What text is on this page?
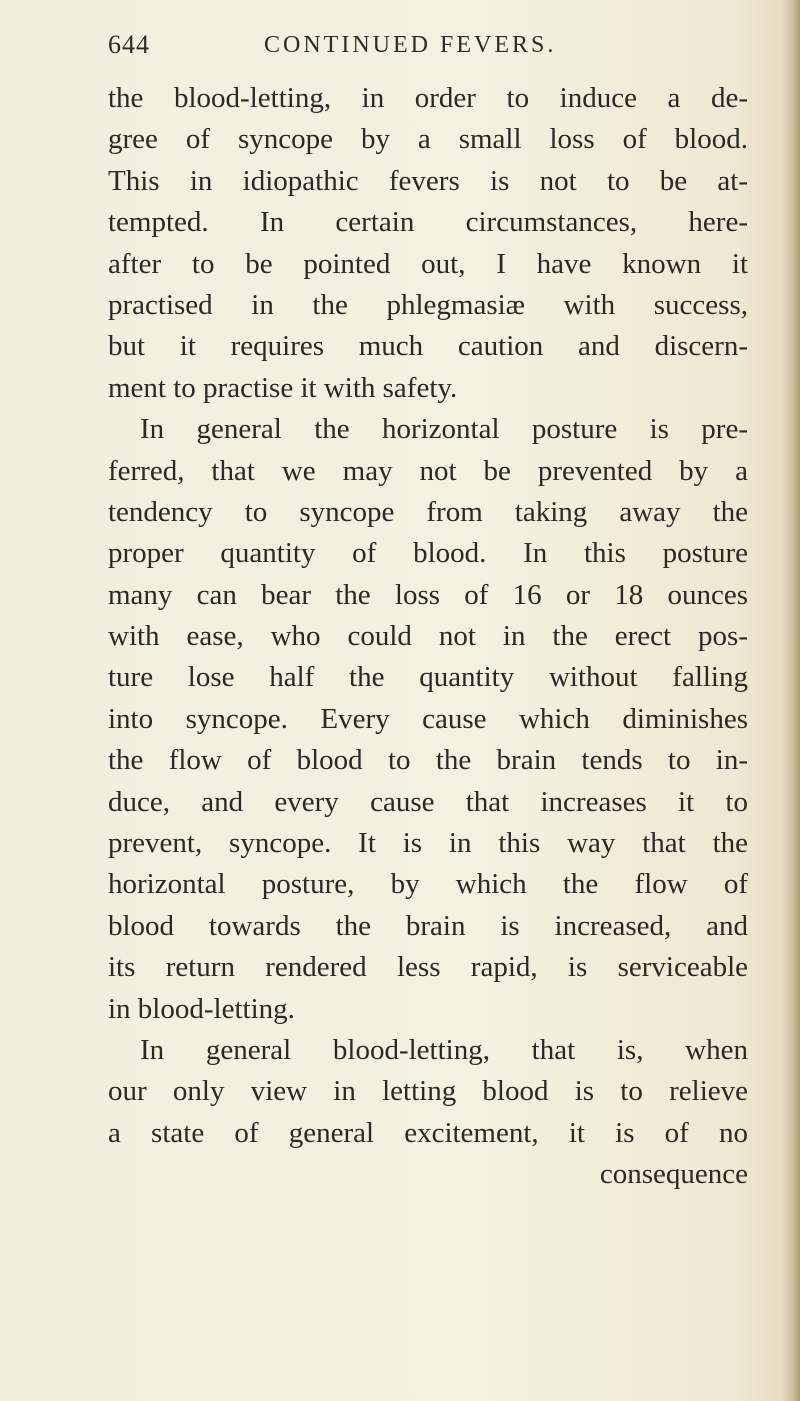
644	CONTINUED FEVERS.
the blood-letting, in order to induce a de-
gree of syncope by a small loss of blood.
This in idiopathic fevers is not to be at-
tempted. In certain circumstances, here-
after to be pointed out, I have known it
practised in the phlegmasiæ with success,
but it requires much caution and discern-
ment to practise it with safety.
In general the horizontal posture is pre-
ferred, that we may not be prevented by a
tendency to syncope from taking away the
proper quantity of blood. In this posture
many can bear the loss of 16 or 18 ounces
with ease, who could not in the erect pos-
ture lose half the quantity without falling
into syncope. Every cause which diminishes
the flow of blood to the brain tends to in-
duce, and every cause that increases it to
prevent, syncope. It is in this way that the
horizontal posture, by which the flow of
blood towards the brain is increased, and
its return rendered less rapid, is serviceable
in blood-letting.
In general blood-letting, that is, when
our only view in letting blood is to relieve
a state of general excitement, it is of no
consequence
